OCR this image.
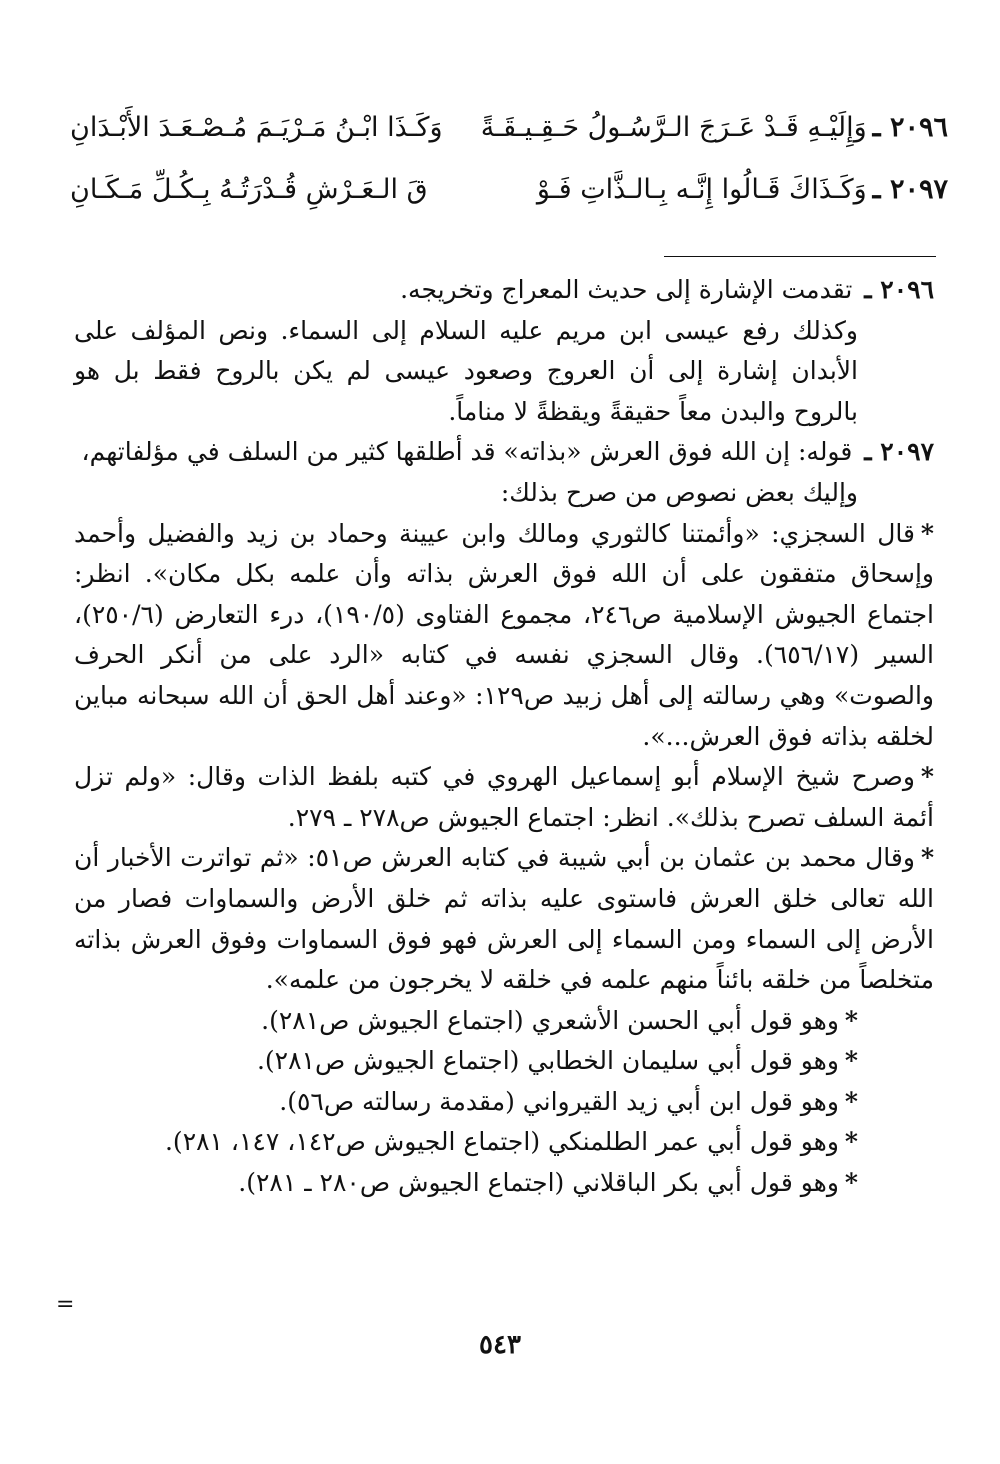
٢٠٩٦ ـ
وَإِلَيْـهِ قَـدْ عَـرَجَ الـرَّسُـولُ حَـقِـيـقَـةً
وَكَـذَا ابْـنُ مَـرْيَـمَ مُـصْـعَـدَ الأَبْـدَانِ
٢٠٩٧ ـ
وَكَـذَاكَ قَـالُوا إِنَّـه بِـالـذَّاتِ فَـوْ
قَ الـعَـرْشِ قُـدْرَتُـهُ بِـكُـلِّ مَـكَـانِ

٢٠٩٦ ـ تقدمت الإشارة إلى حديث المعراج وتخريجه.

وكذلك رفع عيسى ابن مريم عليه السلام إلى السماء. ونص المؤلف على الأبدان إشارة إلى أن العروج وصعود عيسى لم يكن بالروح فقط بل هو بالروح والبدن معاً حقيقةً ويقظةً لا مناماً.

٢٠٩٧ ـ قوله: إن الله فوق العرش «بذاته» قد أطلقها كثير من السلف في مؤلفاتهم،

وإليك بعض نصوص من صرح بذلك:

*قال السجزي: «وأئمتنا كالثوري ومالك وابن عيينة وحماد بن زيد والفضيل وأحمد وإسحاق متفقون على أن الله فوق العرش بذاته وأن علمه بكل مكان». انظر: اجتماع الجيوش الإسلامية ص٢٤٦، مجموع الفتاوى (١٩٠/٥)، درء التعارض (٢٥٠/٦)، السير (٦٥٦/١٧). وقال السجزي نفسه في كتابه «الرد على من أنكر الحرف والصوت» وهي رسالته إلى أهل زبيد ص١٢٩: «وعند أهل الحق أن الله سبحانه مباين لخلقه بذاته فوق العرش...».

*وصرح شيخ الإسلام أبو إسماعيل الهروي في كتبه بلفظ الذات وقال: «ولم تزل أئمة السلف تصرح بذلك». انظر: اجتماع الجيوش ص٢٧٨ ـ ٢٧٩.

*وقال محمد بن عثمان بن أبي شيبة في كتابه العرش ص٥١: «ثم تواترت الأخبار أن الله تعالى خلق العرش فاستوى عليه بذاته ثم خلق الأرض والسماوات فصار من الأرض إلى السماء ومن السماء إلى العرش فهو فوق السماوات وفوق العرش بذاته متخلصاً من خلقه بائناً منهم علمه في خلقه لا يخرجون من علمه».

*وهو قول أبي الحسن الأشعري (اجتماع الجيوش ص٢٨١).

*وهو قول أبي سليمان الخطابي (اجتماع الجيوش ص٢٨١).

*وهو قول ابن أبي زيد القيرواني (مقدمة رسالته ص٥٦).

*وهو قول أبي عمر الطلمنكي (اجتماع الجيوش ص١٤٢، ١٤٧، ٢٨١).

*وهو قول أبي بكر الباقلاني (اجتماع الجيوش ص٢٨٠ ـ ٢٨١).

=
٥٤٣
